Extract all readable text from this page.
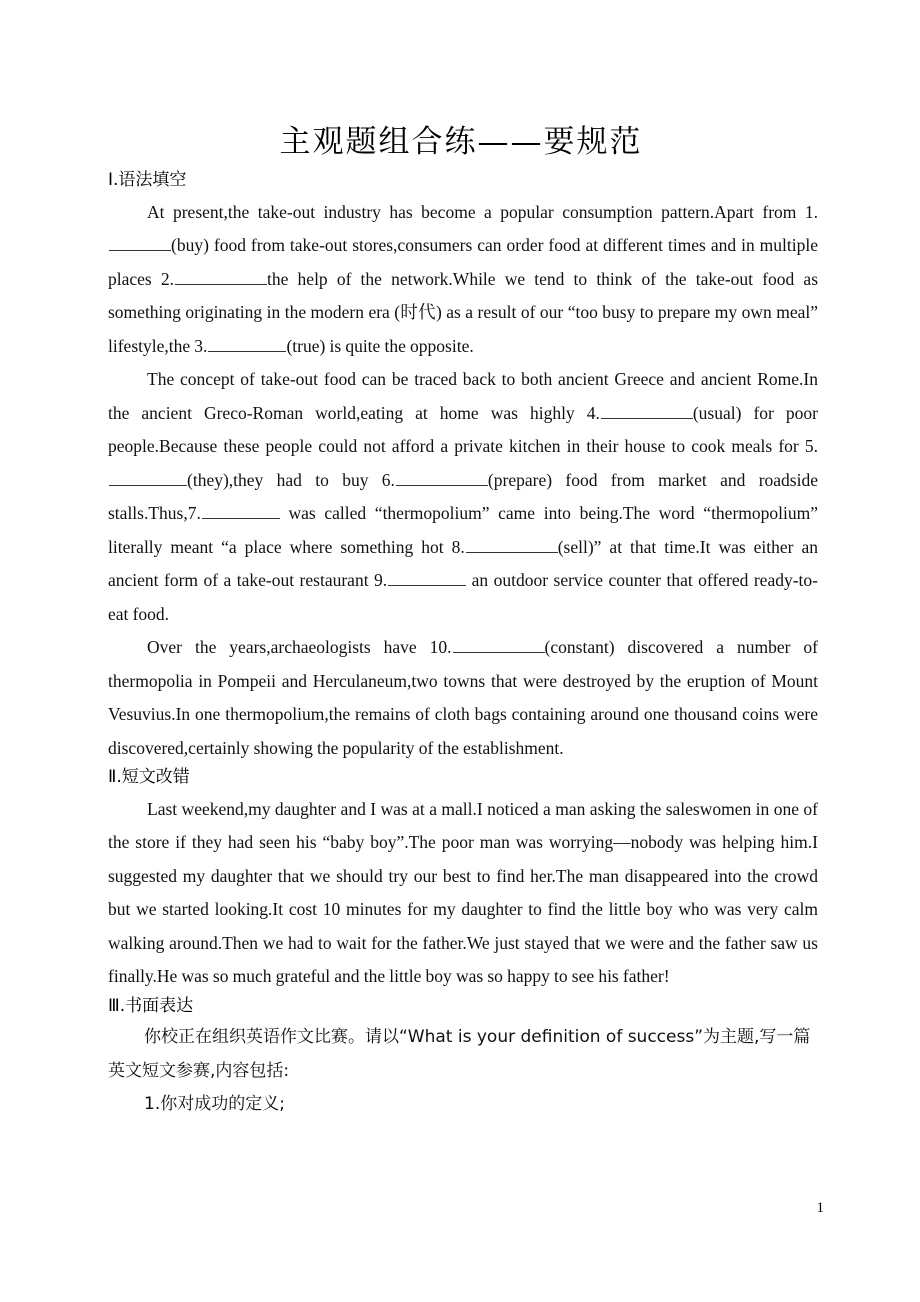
主观题组合练——要规范
Ⅰ.语法填空

At present,the take-out industry has become a popular consumption pattern.Apart from 1.(buy) food from take-out stores,consumers can order food at different times and in multiple places 2.	the help of the network.While we tend to think of the take-out food as something originating in the modern era (时代) as a result of our “too busy to prepare my own meal” lifestyle,the 3.	(true) is quite the opposite.

The concept of take-out food can be traced back to both ancient Greece and ancient Rome.In the ancient Greco-Roman world,eating at home was highly 4.	(usual) for poor people.Because these people could not afford a private kitchen in their house to cook meals for 5.(they),they had to buy 6.	(prepare) food from market and roadside stalls.Thus,7.	was called “thermopolium” came into being.The word “thermopolium” literally meant “a place where something hot 8.	(sell)” at that time.It was either an ancient form of a take-out restaurant 9.	an outdoor service counter that offered ready-to-eat food.

Over the years,archaeologists have 10.	(constant) discovered a number of thermopolia in Pompeii and Herculaneum,two towns that were destroyed by the eruption of Mount Vesuvius.In one thermopolium,the remains of cloth bags containing around one thousand coins were discovered,certainly showing the popularity of the establishment.

Ⅱ.短文改错

Last weekend,my daughter and I was at a mall.I noticed a man asking the saleswomen in one of the store if they had seen his “baby boy”.The poor man was worrying—nobody was helping him.I suggested my daughter that we should try our best to find her.The man disappeared into the crowd but we started looking.It cost 10 minutes for my daughter to find the little boy who was very calm walking around.Then we had to wait for the father.We just stayed that we were and the father saw us finally.He was so much grateful and the little boy was so happy to see his father!

Ⅲ.书面表达

你校正在组织英语作文比赛。请以“What is your definition of success”为主题,写一篇英文短文参赛,内容包括:

1.你对成功的定义;

1
